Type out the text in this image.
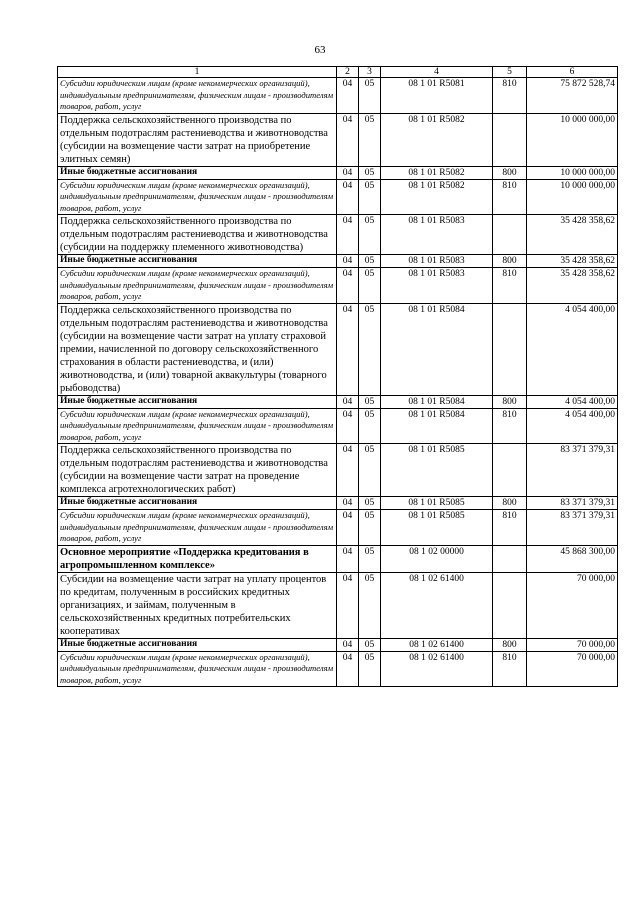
63
1	2	3	4	5	6
Субсидии юридическим лицам (кроме некоммерческих организаций), индивидуальным предпринимателям, физическим лицам - производителям товаров, работ, услуг	04	05	08 1 01 R5081	810	75 872 528,74
Поддержка сельскохозяйственного производства по отдельным подотраслям растениеводства и животноводства (субсидии на возмещение части затрат на приобретение элитных семян)	04	05	08 1 01 R5082		10 000 000,00
Иные бюджетные ассигнования	04	05	08 1 01 R5082	800	10 000 000,00
Субсидии юридическим лицам (кроме некоммерческих организаций), индивидуальным предпринимателям, физическим лицам - производителям товаров, работ, услуг	04	05	08 1 01 R5082	810	10 000 000,00
Поддержка сельскохозяйственного производства по отдельным подотраслям растениеводства и животноводства (субсидии на поддержку племенного животноводства)	04	05	08 1 01 R5083		35 428 358,62
Иные бюджетные ассигнования	04	05	08 1 01 R5083	800	35 428 358,62
Субсидии юридическим лицам (кроме некоммерческих организаций), индивидуальным предпринимателям, физическим лицам - производителям товаров, работ, услуг	04	05	08 1 01 R5083	810	35 428 358,62
Поддержка сельскохозяйственного производства по отдельным подотраслям растениеводства и животноводства (субсидии на возмещение части затрат на уплату страховой премии, начисленной по договору сельскохозяйственного страхования в области растениеводства, и (или) животноводства, и (или) товарной аквакультуры (товарного рыбоводства)	04	05	08 1 01 R5084		4 054 400,00
Иные бюджетные ассигнования	04	05	08 1 01 R5084	800	4 054 400,00
Субсидии юридическим лицам (кроме некоммерческих организаций), индивидуальным предпринимателям, физическим лицам - производителям товаров, работ, услуг	04	05	08 1 01 R5084	810	4 054 400,00
Поддержка сельскохозяйственного производства по отдельным подотраслям растениеводства и животноводства (субсидии на возмещение части затрат на проведение комплекса агротехнологических работ)	04	05	08 1 01 R5085		83 371 379,31
Иные бюджетные ассигнования	04	05	08 1 01 R5085	800	83 371 379,31
Субсидии юридическим лицам (кроме некоммерческих организаций), индивидуальным предпринимателям, физическим лицам - производителям товаров, работ, услуг	04	05	08 1 01 R5085	810	83 371 379,31
Основное мероприятие «Поддержка кредитования в агропромышленном комплексе»	04	05	08 1 02 00000		45 868 300,00
Субсидии на возмещение части затрат на уплату процентов по кредитам, полученным в российских кредитных организациях, и займам, полученным в сельскохозяйственных кредитных потребительских кооперативах	04	05	08 1 02 61400		70 000,00
Иные бюджетные ассигнования	04	05	08 1 02 61400	800	70 000,00
Субсидии юридическим лицам (кроме некоммерческих организаций), индивидуальным предпринимателям, физическим лицам - производителям товаров, работ, услуг	04	05	08 1 02 61400	810	70 000,00
